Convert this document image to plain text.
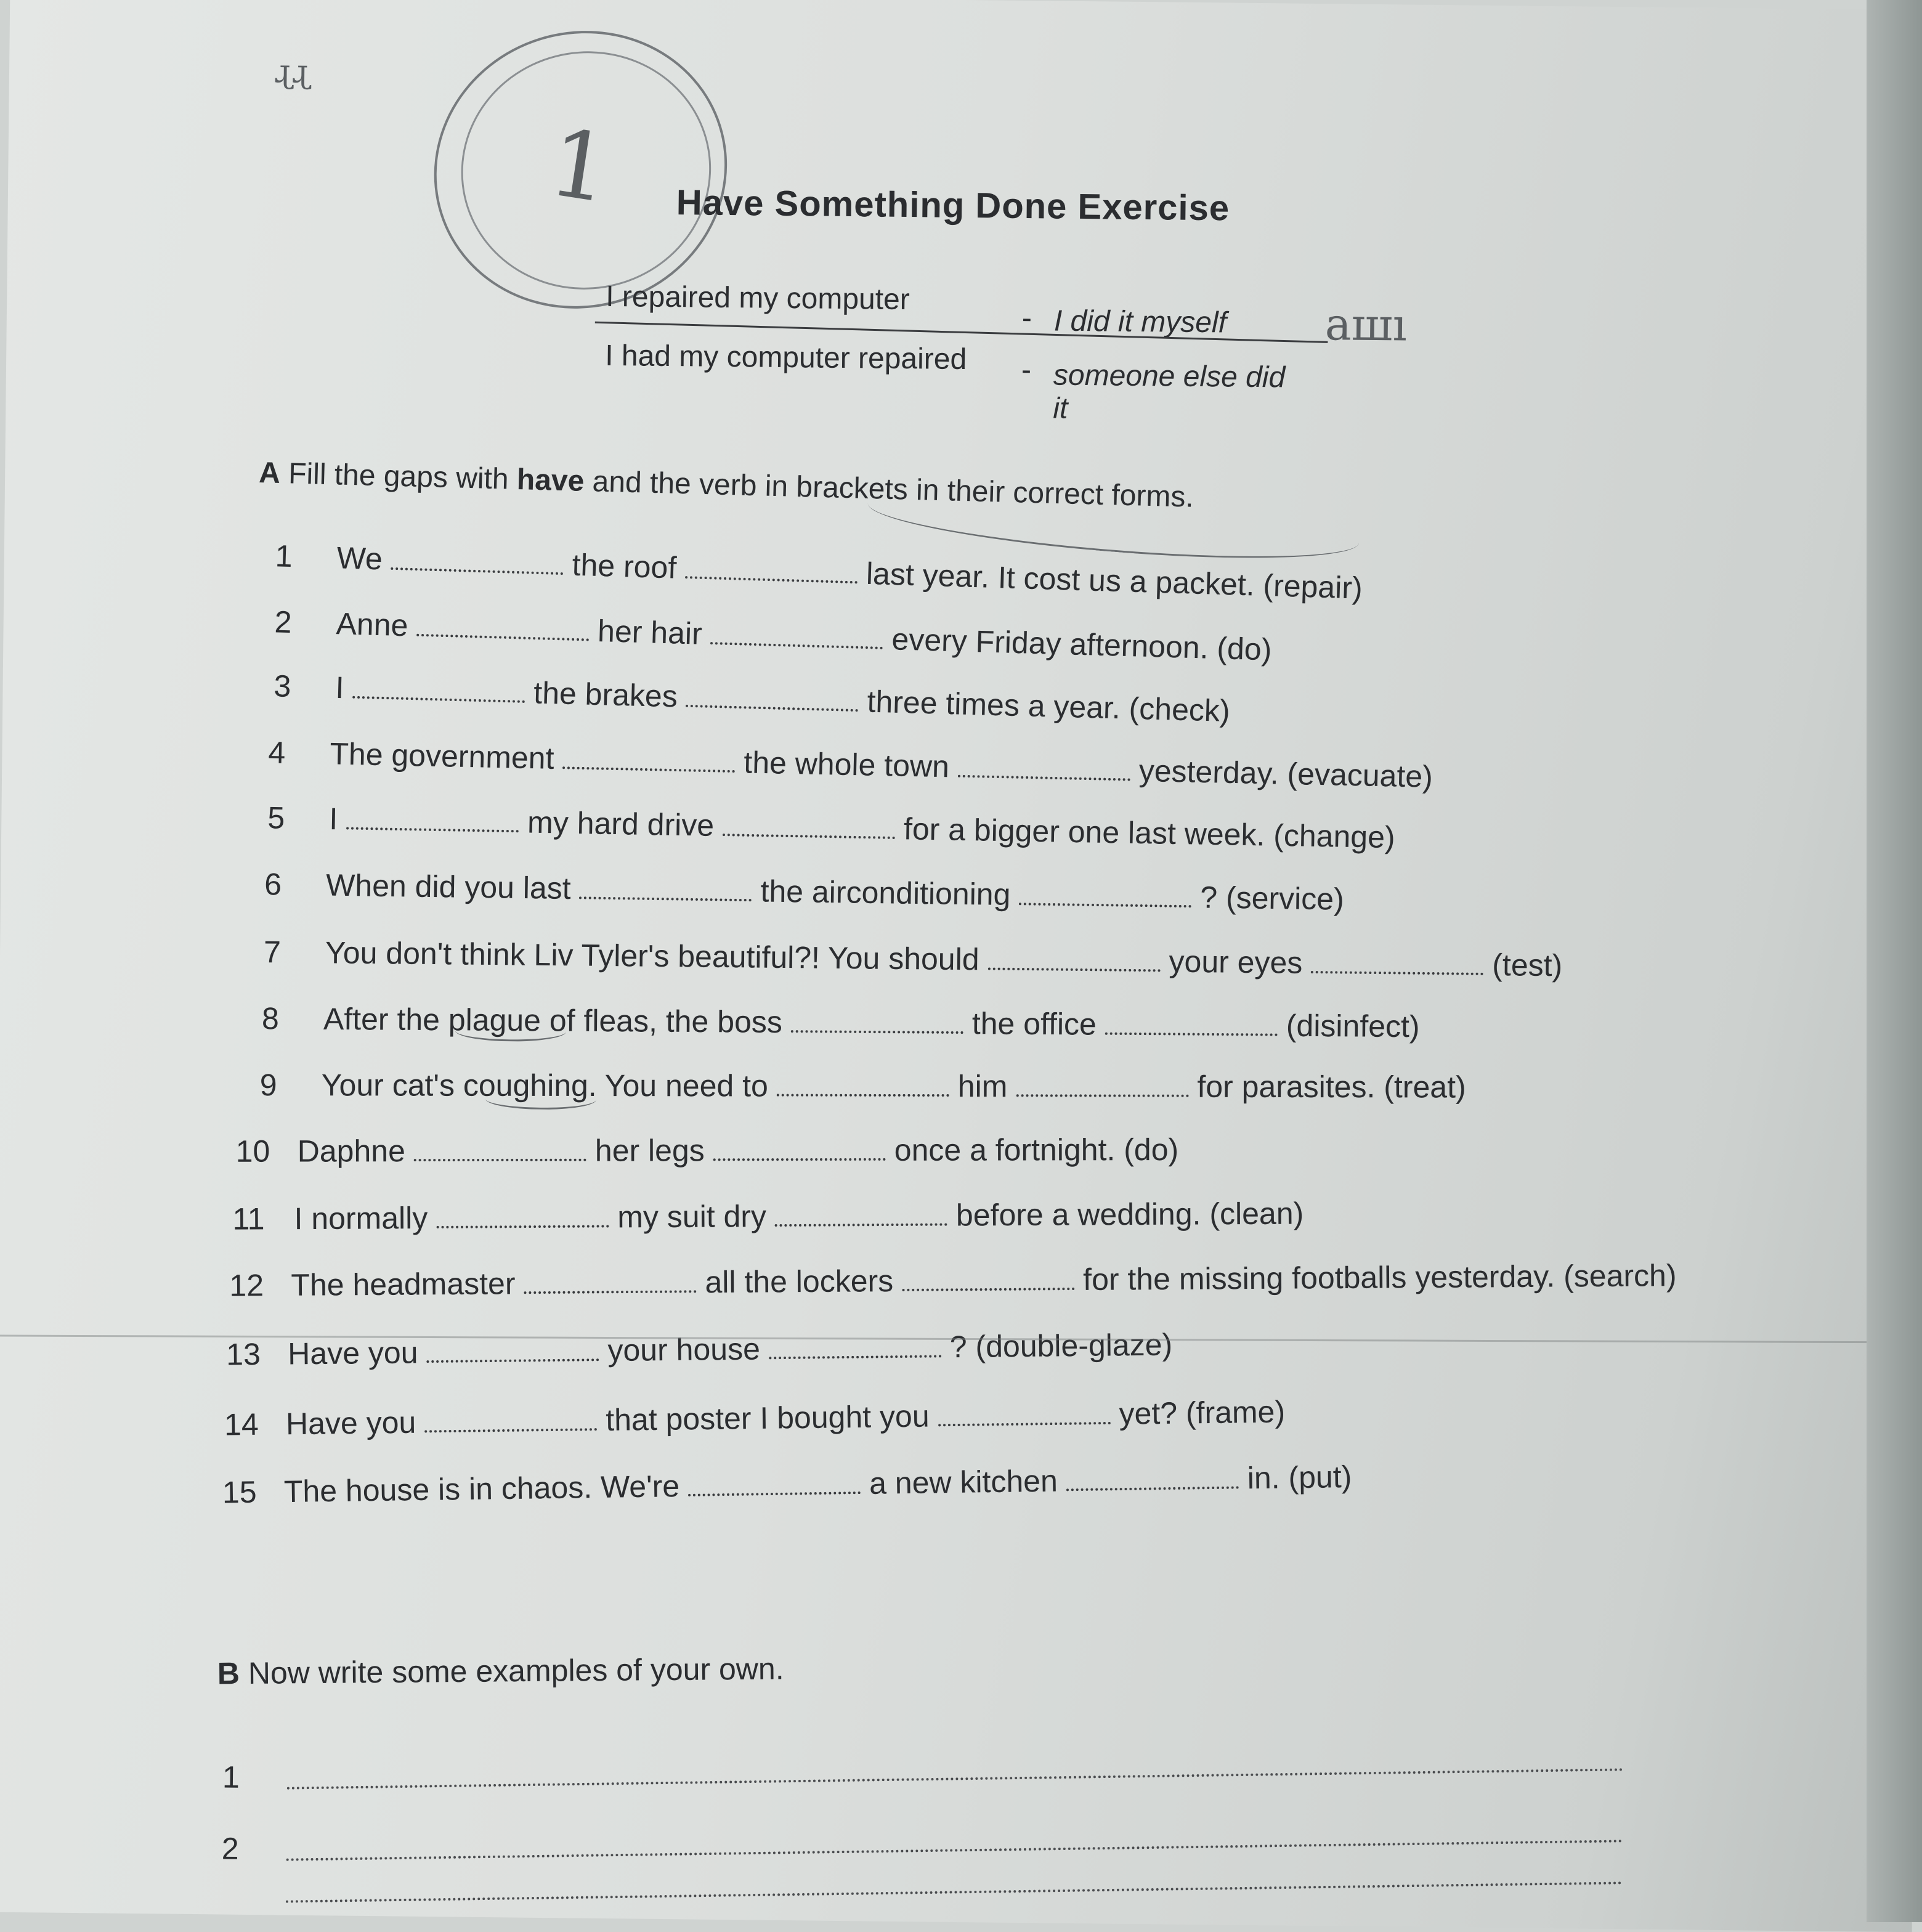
ɻɻ
1 Have Something Done Exercise
I repaired my computer
- I did it myself
I had my computer repaired - someone else did
it
ашı
A Fill the gaps with have and the verb in brackets in their correct forms.
1 We	the roof	last year. It cost us a packet. (repair)
2 Anne	her hair	every Friday afternoon. (do)
3 I	the brakes	three times a year. (check)
4 The government	the whole town	yesterday. (evacuate)
5 I	my hard drive	for a bigger one last week. (change)
6 When did you last	the airconditioning	? (service)
7 You don't think Liv Tyler's beautiful?! You should	your eyes	(test)
8 After the plague of fleas, the boss	the office	(disinfect)
9 Your cat's coughing. You need to	him	for parasites. (treat)
10 Daphne	her legs	once a fortnight. (do)
11 I normally	my suit dry	before a wedding. (clean)
12 The headmaster	all the lockers	for the missing footballs yesterday. (search)
13 Have you	your house	? (double-glaze)
14 Have you	that poster I bought you	yet? (frame)
15 The house is in chaos. We're	a new kitchen	in. (put)
B Now write some examples of your own.
1
2
